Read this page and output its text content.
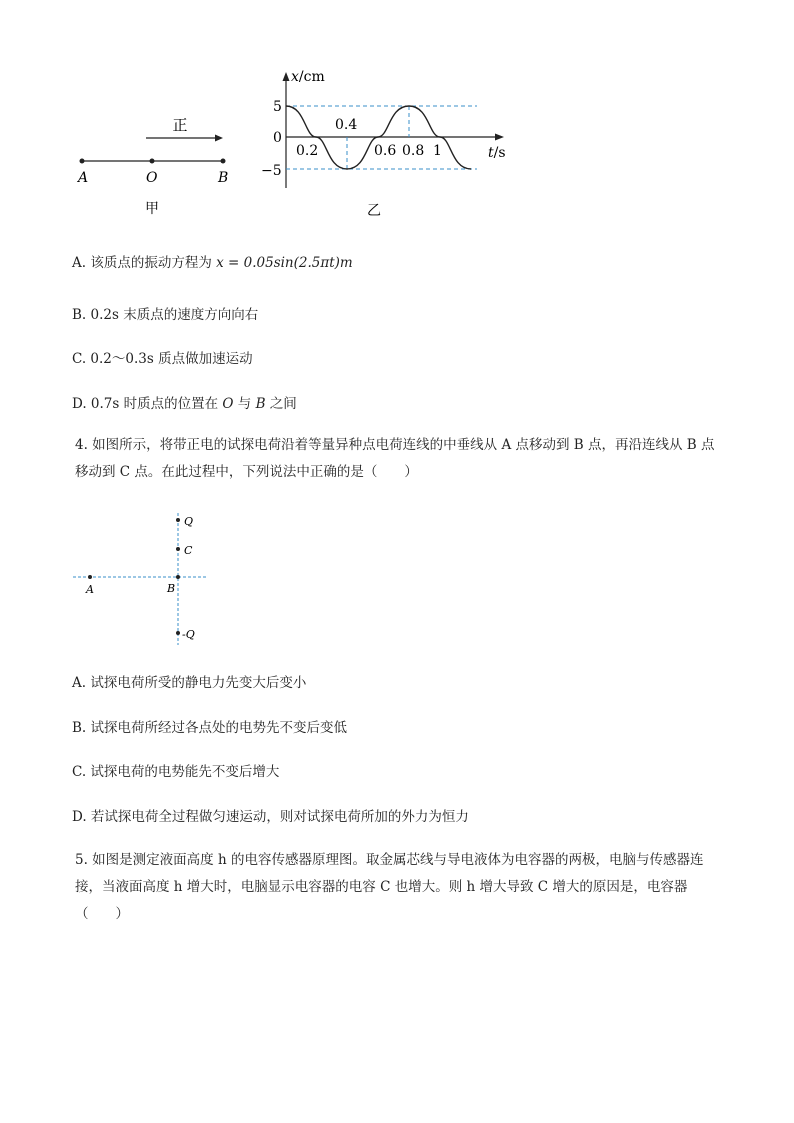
正
A	O	B
甲
x/cm
t/s
5
0
−5
0.2
0.4
0.6 0.8 1
乙
A. 该质点的振动方程为 x = 0.05sin(2.5πt)m
B. 0.2s 末质点的速度方向向右
C. 0.2～0.3s 质点做加速运动
D. 0.7s 时质点的位置在 O 与 B 之间
4. 如图所示，将带正电的试探电荷沿着等量异种点电荷连线的中垂线从 A 点移动到 B 点，再沿连线从 B 点移动到 C 点。在此过程中，下列说法中正确的是（　　）
Q
C
A	B
-Q
A. 试探电荷所受的静电力先变大后变小
B. 试探电荷所经过各点处的电势先不变后变低
C. 试探电荷的电势能先不变后增大
D. 若试探电荷全过程做匀速运动，则对试探电荷所加的外力为恒力
5. 如图是测定液面高度 h 的电容传感器原理图。取金属芯线与导电液体为电容器的两极，电脑与传感器连接，当液面高度 h 增大时，电脑显示电容器的电容 C 也增大。则 h 增大导致 C 增大的原因是，电容器（　　）
